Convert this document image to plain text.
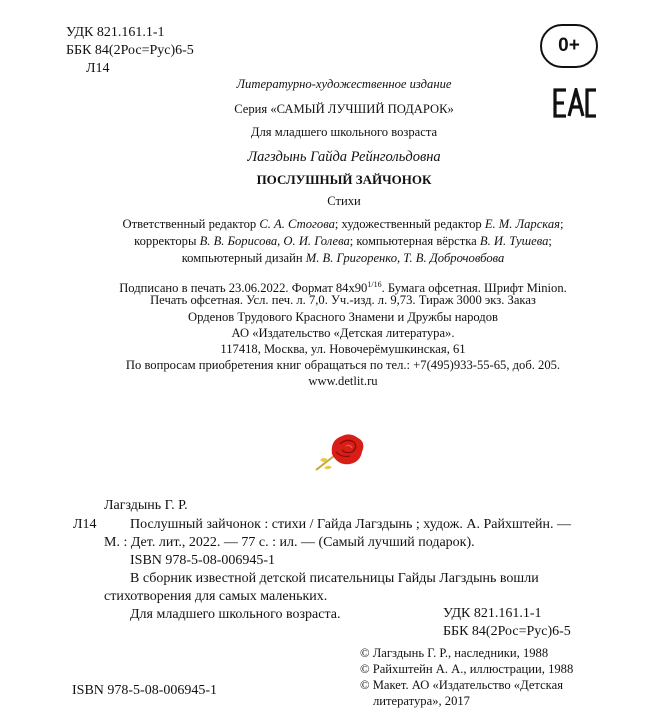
УДК 821.161.1-1
ББК 84(2Рос=Рус)6-5
Л14
0+
Литературно-художественное издание
Серия «САМЫЙ ЛУЧШИЙ ПОДАРОК»
Для младшего школьного возраста
Лагздынь Гайда Рейнгольдовна
ПОСЛУШНЫЙ ЗАЙЧОНОК
Стихи
Ответственный редактор С. А. Стогова; художественный редактор Е. М. Ларская;
корректоры В. В. Борисова, О. И. Голева; компьютерная вёрстка В. И. Тушева;
компьютерный дизайн М. В. Григоренко, Т. В. Доброчовбова
Подписано в печать 23.06.2022. Формат $84x90^{1/16}$. Бумага офсетная. Шрифт Minion.
Печать офсетная. Усл. печ. л. 7,0. Уч.-изд. л. 9,73. Тираж 3000 экз. Заказ
Орденов Трудового Красного Знамени и Дружбы народов
АО «Издательство «Детская литература».
117418, Москва, ул. Новочерёмушкинская, 61
По вопросам приобретения книг обращаться по тел.: +7(495)933-55-65, доб. 205.
www.detlit.ru
Лагздынь Г. Р.
Л14 Послушный зайчонок : стихи / Гайда Лагздынь ; худож. А. Райхштейн. —
М. : Дет. лит., 2022. — 77 с. : ил. — (Самый лучший подарок).
ISBN 978-5-08-006945-1
В сборник известной детской писательницы Гайды Лагздынь вошли
стихотворения для самых маленьких.
Для младшего школьного возраста.	УДК 821.161.1-1
ББК 84(2Рос=Рус)6-5
© Лагздынь Г. Р., наследники, 1988
© Райхштейн А. А., иллюстрации, 1988
© Макет. АО «Издательство «Детская
литература», 2017
ISBN 978-5-08-006945-1
